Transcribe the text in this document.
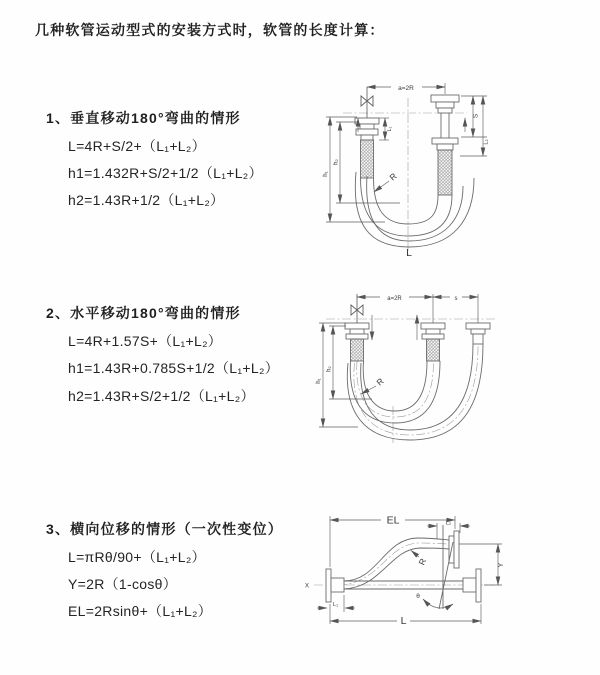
几种软管运动型式的安装方式时，软管的长度计算：
1、垂直移动180°弯曲的情形
L=4R+S/2+（L₁+L₂）
h1=1.432R+S/2+1/2（L₁+L₂）
h2=1.43R+1/2（L₁+L₂）
a=2R
h₁
h₂
L₁
S
L₂
R
L
2、水平移动180°弯曲的情形
L=4R+1.57S+（L₁+L₂）
h1=1.43R+0.785S+1/2（L₁+L₂）
h2=1.43R+S/2+1/2（L₁+L₂）
a=2R	s
h₁
h₂
R
3、横向位移的情形（一次性变位）
L=πRθ/90+（L₁+L₂）
Y=2R（1-cosθ）
EL=2Rsinθ+（L₁+L₂）
EL	L₂
Y
θ
R
L
L₁
X
